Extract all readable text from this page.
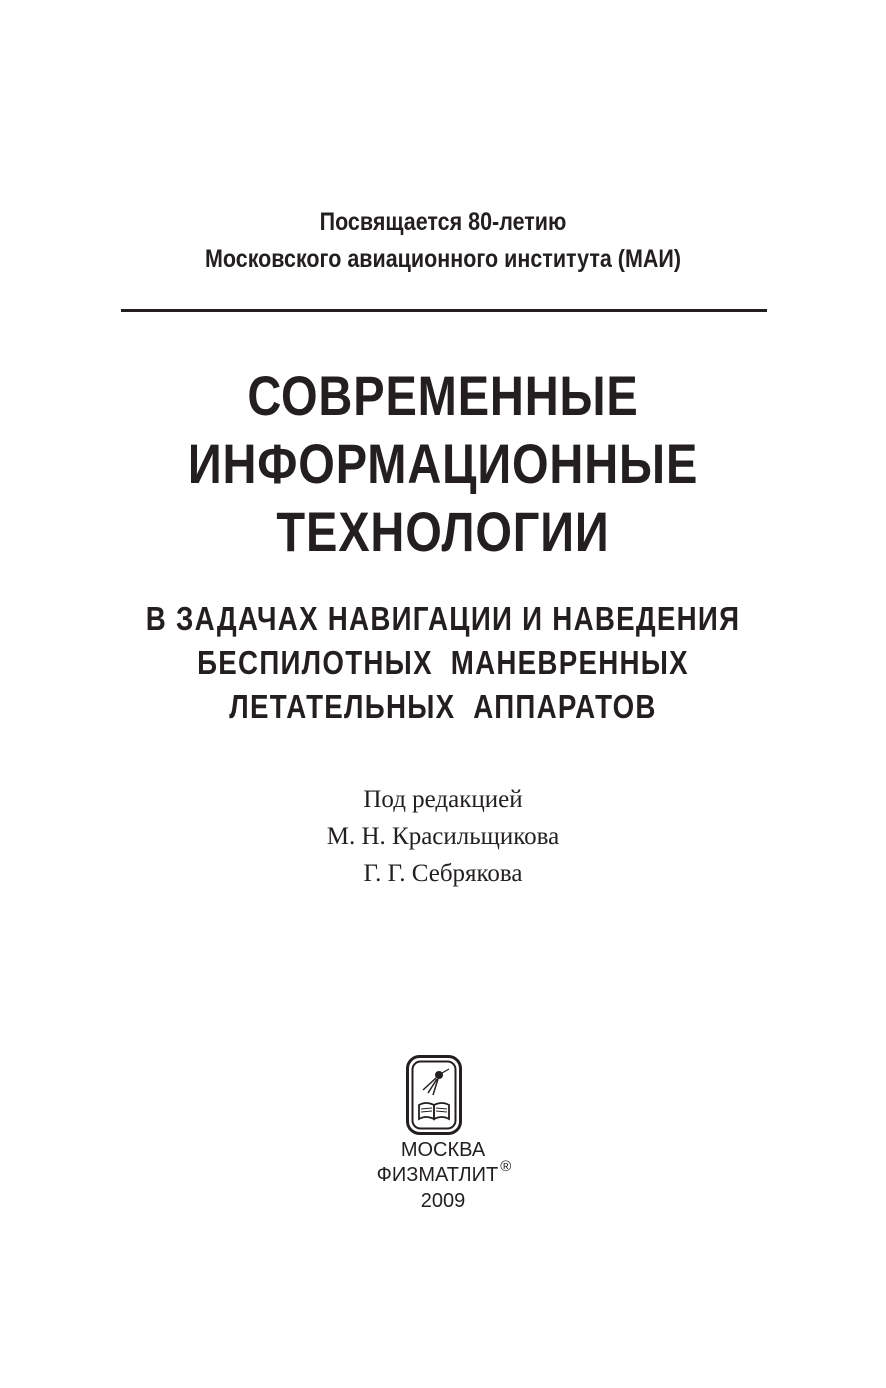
Посвящается 80-летию
Московского авиационного института (МАИ)
СОВРЕМЕННЫЕ
ИНФОРМАЦИОННЫЕ
ТЕХНОЛОГИИ
В ЗАДАЧАХ НАВИГАЦИИ И НАВЕДЕНИЯ
БЕСПИЛОТНЫХ  МАНЕВРЕННЫХ
ЛЕТАТЕЛЬНЫХ  АППАРАТОВ
Под редакцией
М. Н. Красильщикова
Г. Г. Себрякова
МОСКВА
ФИЗМАТЛИТ ®
2009
